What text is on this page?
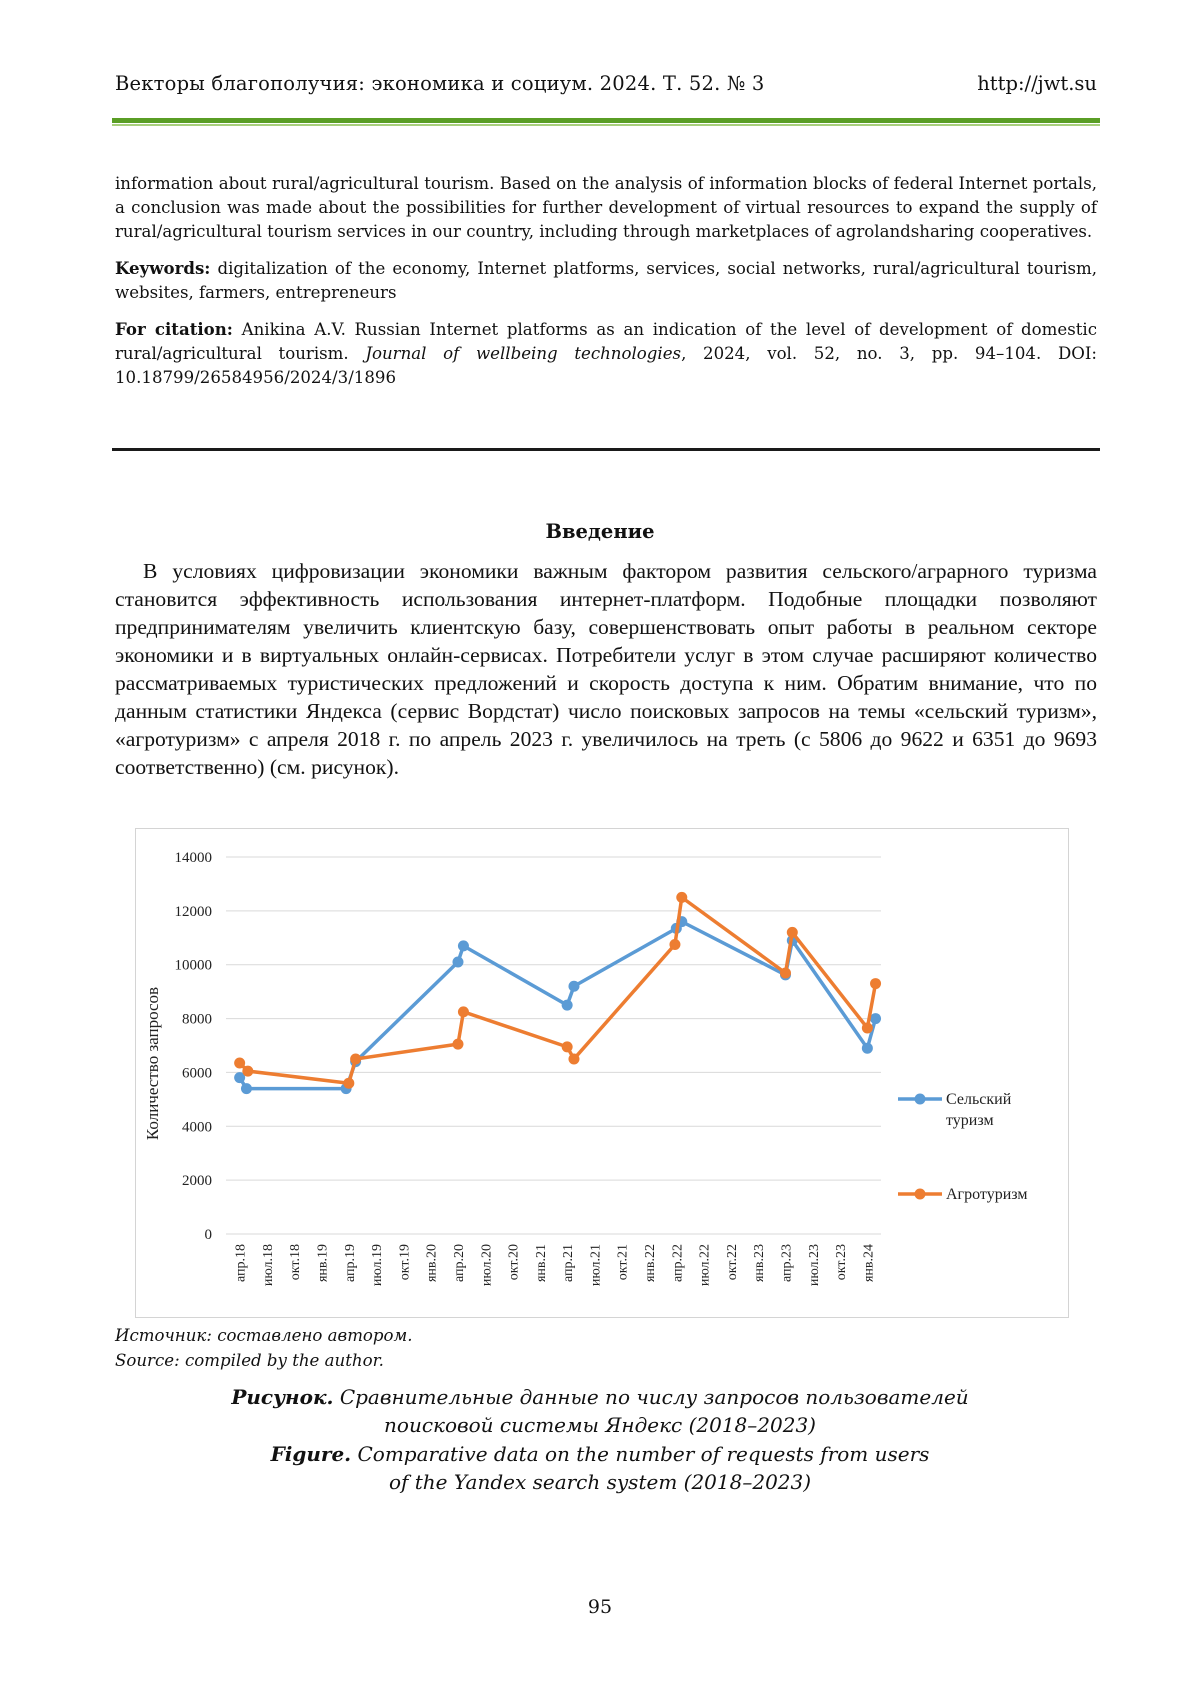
Векторы благополучия: экономика и социум. 2024. Т. 52. № 3	http://jwt.su

information about rural/agricultural tourism. Based on the analysis of information blocks of federal Internet portals, a conclusion was made about the possibilities for further development of virtual resources to expand the supply of rural/agricultural tourism services in our country, including through marketplaces of agrolandsharing cooperatives.

Keywords: digitalization of the economy, Internet platforms, services, social networks, rural/agricultural tourism, websites, farmers, entrepreneurs

For citation: Anikina A.V. Russian Internet platforms as an indication of the level of development of domestic rural/agricultural tourism. Journal of wellbeing technologies, 2024, vol. 52, no. 3, pp. 94–104. DOI: 10.18799/26584956/2024/3/1896

Введение

В условиях цифровизации экономики важным фактором развития сельского/аграрного туризма становится эффективность использования интернет-платформ. Подобные площадки позволяют предпринимателям увеличить клиентскую базу, совершенствовать опыт работы в реальном секторе экономики и в виртуальных онлайн-сервисах. Потребители услуг в этом случае расширяют количество рассматриваемых туристических предложений и скорость доступа к ним. Обратим внимание, что по данным статистики Яндекса (сервис Вордстат) число поисковых запросов на темы «сельский туризм», «агротуризм» с апреля 2018 г. по апрель 2023 г. увеличилось на треть (с 5806 до 9622 и 6351 до 9693 соответственно) (см. рисунок).

0
2000
4000
6000
8000
10000
12000
14000
апр.18 июл.18 окт.18 янв.19 апр.19 июл.19 окт.19 янв.20 апр.20 июл.20 окт.20 янв.21 апр.21 июл.21 окт.21 янв.22 апр.22 июл.22 окт.22 янв.23 апр.23 июл.23 окт.23 янв.24
Количество запросов	Сельский
туризм
Агротуризм
Источник: составлено автором.
Source: compiled by the author.
Рисунок. Сравнительные данные по числу запросов пользователей
поисковой системы Яндекс (2018–2023)
Figure. Comparative data on the number of requests from users
of the Yandex search system (2018–2023)
95
